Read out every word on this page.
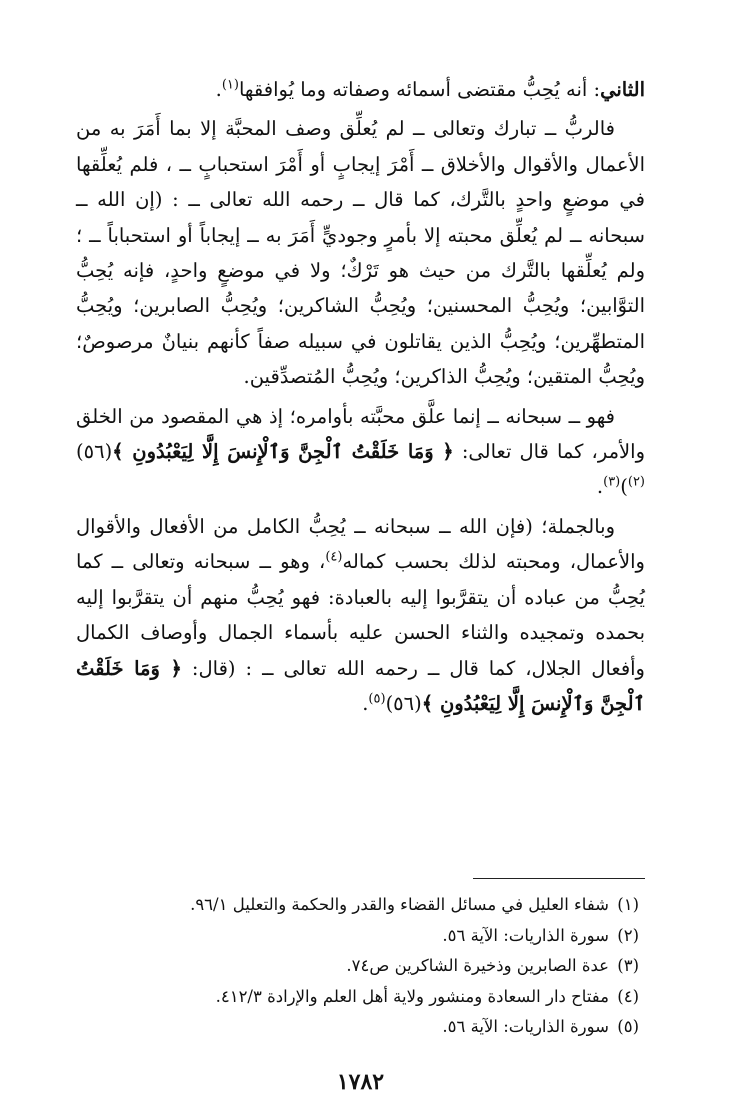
الثاني: أنه يُحِبُّ مقتضى أسمائه وصفاته وما يُوافقها$^{(١)}$.

فالربُّ ــ تبارك وتعالى ــ لم يُعلِّق وصف المحبَّة إلا بما أَمَرَ به من الأعمال والأقوال والأخلاق ــ أَمْرَ إيجابٍ أو أَمْرَ استحبابٍ ــ ، فلم يُعلِّقها في موضعٍ واحدٍ بالتَّرك، كما قال ــ رحمه الله تعالى ــ : (إن الله ــ سبحانه ــ لم يُعلِّق محبته إلا بأمرٍ وجوديٍّ أَمَرَ به ــ إيجاباً أو استحباباً ــ ؛ ولم يُعلِّقها بالتَّرك من حيث هو تَرْكٌ؛ ولا في موضعٍ واحدٍ، فإنه يُحِبُّ التوَّابين؛ ويُحِبُّ المحسنين؛ ويُحِبُّ الشاكرين؛ ويُحِبُّ الصابرين؛ ويُحِبُّ المتطهِّرين؛ ويُحِبُّ الذين يقاتلون في سبيله صفاً كأنهم بنيانٌ مرصوصٌ؛ ويُحِبُّ المتقين؛ ويُحِبُّ الذاكرين؛ ويُحِبُّ المُتصدِّقين.

فهو ــ سبحانه ــ إنما علَّق محبَّته بأوامره؛ إذ هي المقصود من الخلق والأمر، كما قال تعالى: ﴿ وَمَا خَلَقْتُ ٱلْجِنَّ وَٱلْإِنسَ إِلَّا لِيَعْبُدُونِ ﴾(٥٦)$^{(٢)}$)$^{(٣)}$.

وبالجملة؛ (فإن الله ــ سبحانه ــ يُحِبُّ الكامل من الأفعال والأقوال والأعمال، ومحبته لذلك بحسب كماله$^{(٤)}$، وهو ــ سبحانه وتعالى ــ كما يُحِبُّ من عباده أن يتقرَّبوا إليه بالعبادة: فهو يُحِبُّ منهم أن يتقرَّبوا إليه بحمده وتمجيده والثناء الحسن عليه بأسماء الجمال وأوصاف الكمال وأفعال الجلال، كما قال ــ رحمه الله تعالى ــ : (قال: ﴿ وَمَا خَلَقْتُ ٱلْجِنَّ وَٱلْإِنسَ إِلَّا لِيَعْبُدُونِ ﴾(٥٦)$^{(٥)}$.

(١)شفاء العليل في مسائل القضاء والقدر والحكمة والتعليل ٩٦/١.

(٢)سورة الذاريات: الآية ٥٦.

(٣)عدة الصابرين وذخيرة الشاكرين ص٧٤.

(٤)مفتاح دار السعادة ومنشور ولاية أهل العلم والإرادة ٤١٢/٣.

(٥)سورة الذاريات: الآية ٥٦.

١٧٨٢
